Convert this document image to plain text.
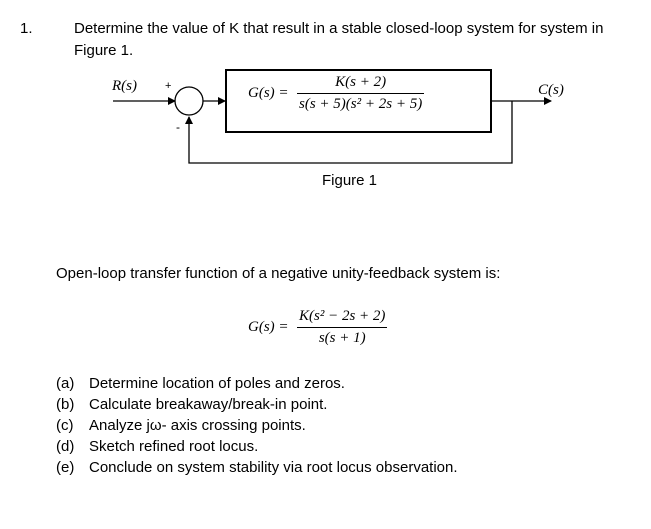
1.	Determine the value of K that result in a stable closed-loop system for system in
Figure 1.
R(s)	+
-
C(s)
$G(s) = \frac{K(s + 2)}{\text{s(s + 5)(s² + 2s + 5)}}$
Figure 1
Open-loop transfer function of a negative unity-feedback system is:
$G(s) = \frac{\text{K(s² − 2s + 2)}}{s(s + 1)}$
(a) Determine location of poles and zeros.
(b) Calculate breakaway/break-in point.
(c) Analyze jω- axis crossing points.
(d) Sketch refined root locus.
(e) Conclude on system stability via root locus observation.
